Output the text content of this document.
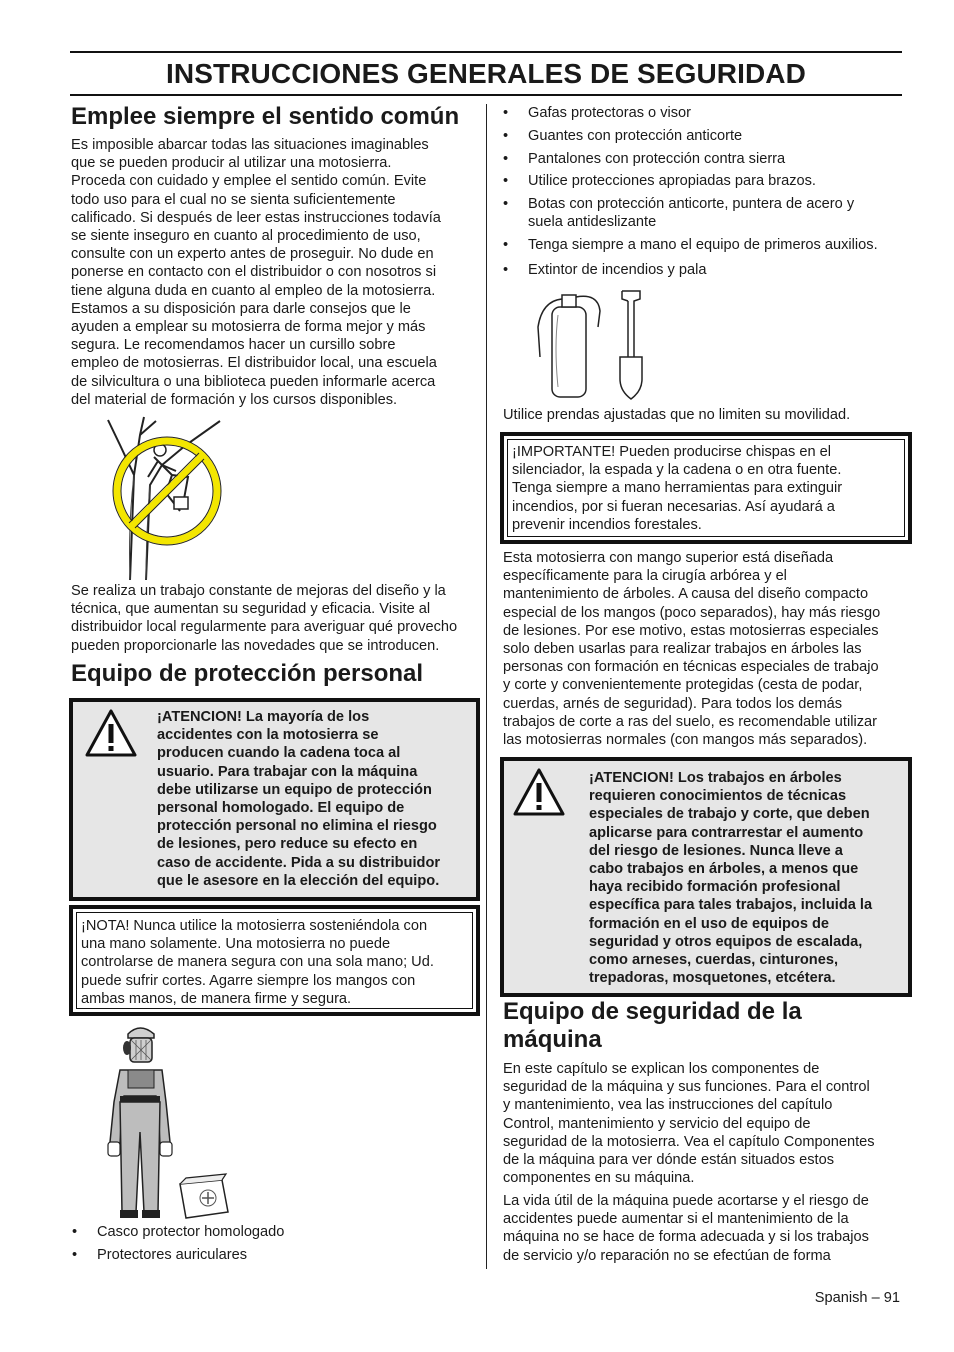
INSTRUCCIONES GENERALES DE SEGURIDAD
Emplee siempre el sentido común

Es imposible abarcar todas las situaciones imaginables

que se pueden producir al utilizar una motosierra.

Proceda con cuidado y emplee el sentido común. Evite

todo uso para el cual no se sienta suficientemente

calificado. Si después de leer estas instrucciones todavía

se siente inseguro en cuanto al procedimiento de uso,

consulte con un experto antes de proseguir. No dude en

ponerse en contacto con el distribuidor o con nosotros si

tiene alguna duda en cuanto al empleo de la motosierra.

Estamos a su disposición para darle consejos que le

ayuden a emplear su motosierra de forma mejor y más

segura. Le recomendamos hacer un cursillo sobre

empleo de motosierras. El distribuidor local, una escuela

de silvicultura o una biblioteca pueden informarle acerca

del material de formación y los cursos disponibles.

Se realiza un trabajo constante de mejoras del diseño y la

técnica, que aumentan su seguridad y eficacia. Visite al

distribuidor local regularmente para averiguar qué provecho

pueden proporcionarle las novedades que se introducen.

Equipo de protección personal
¡ATENCION! La mayoría de los
accidentes con la motosierra se
producen cuando la cadena toca al
usuario. Para trabajar con la máquina
debe utilizarse un equipo de protección
personal homologado. El equipo de
protección personal no elimina el riesgo
de lesiones, pero reduce su efecto en
caso de accidente. Pida a su distribuidor
que le asesore en la elección del equipo.
¡NOTA! Nunca utilice la motosierra sosteniéndola con
una mano solamente. Una motosierra no puede
controlarse de manera segura con una sola mano; Ud.
puede sufrir cortes. Agarre siempre los mangos con
ambas manos, de manera firme y segura.
• Casco protector homologado
• Protectores auriculares
• Gafas protectoras o visor
• Guantes con protección anticorte
• Pantalones con protección contra sierra
• Utilice protecciones apropiadas para brazos.
• Botas con protección anticorte, puntera de acero y
suela antideslizante
• Tenga siempre a mano el equipo de primeros auxilios.
• Extintor de incendios y pala

Utilice prendas ajustadas que no limiten su movilidad.

¡IMPORTANTE! Pueden producirse chispas en el
silenciador, la espada y la cadena o en otra fuente.
Tenga siempre a mano herramientas para extinguir
incendios, por si fueran necesarias. Así ayudará a
prevenir incendios forestales.

Esta motosierra con mango superior está diseñada

específicamente para la cirugía arbórea y el

mantenimiento de árboles. A causa del diseño compacto

especial de los mangos (poco separados), hay más riesgo

de lesiones. Por ese motivo, estas motosierras especiales

solo deben usarlas para realizar trabajos en árboles las

personas con formación en técnicas especiales de trabajo

y corte y convenientemente protegidas (cesta de podar,

cuerdas, arnés de seguridad). Para todos los demás

trabajos de corte a ras del suelo, es recomendable utilizar

las motosierras normales (con mangos más separados).

¡ATENCION! Los trabajos en árboles
requieren conocimientos de técnicas
especiales de trabajo y corte, que deben
aplicarse para contrarrestar el aumento
del riesgo de lesiones. Nunca lleve a
cabo trabajos en árboles, a menos que
haya recibido formación profesional
específica para tales trabajos, incluida la
formación en el uso de equipos de
seguridad y otros equipos de escalada,
como arneses, cuerdas, cinturones,
trepadoras, mosquetones, etcétera.
Equipo de seguridad de la
máquina

En este capítulo se explican los componentes de

seguridad de la máquina y sus funciones. Para el control

y mantenimiento, vea las instrucciones del capítulo

Control, mantenimiento y servicio del equipo de

seguridad de la motosierra. Vea el capítulo Componentes

de la máquina para ver dónde están situados estos

componentes en su máquina.

La vida útil de la máquina puede acortarse y el riesgo de

accidentes puede aumentar si el mantenimiento de la

máquina no se hace de forma adecuada y si los trabajos

de servicio y/o reparación no se efectúan de forma

Spanish – 91
